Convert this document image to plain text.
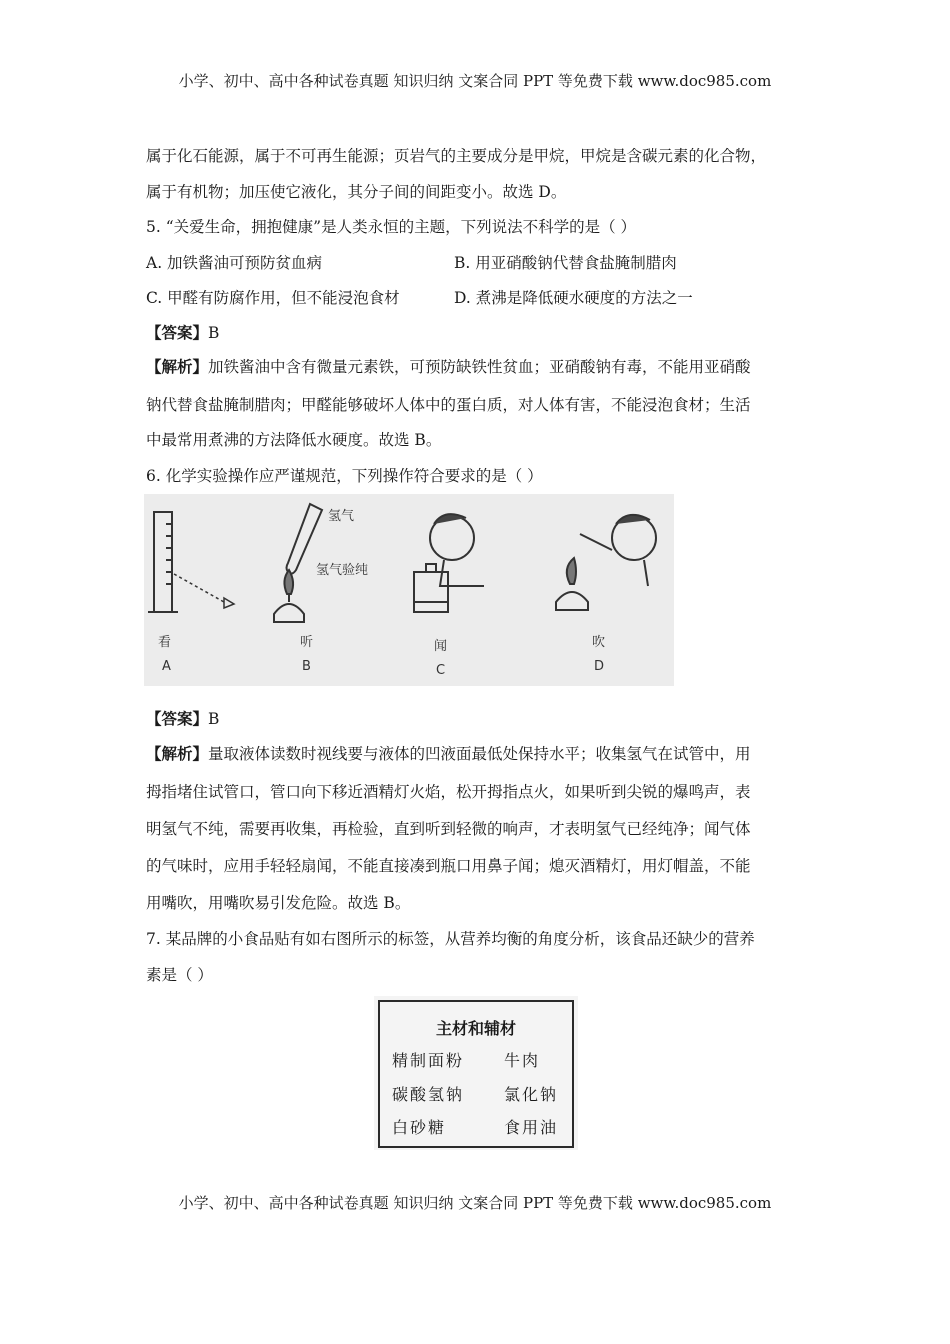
小学、初中、高中各种试卷真题 知识归纳 文案合同 PPT 等免费下载 www.doc985.com
属于化石能源，属于不可再生能源；页岩气的主要成分是甲烷，甲烷是含碳元素的化合物，
属于有机物；加压使它液化，其分子间的间距变小。故选 D。
5. “关爱生命，拥抱健康”是人类永恒的主题，下列说法不科学的是（ ）
A. 加铁酱油可预防贫血病	B. 用亚硝酸钠代替食盐腌制腊肉
C. 甲醛有防腐作用，但不能浸泡食材	D. 煮沸是降低硬水硬度的方法之一
【答案】B
【解析】加铁酱油中含有微量元素铁，可预防缺铁性贫血；亚硝酸钠有毒，不能用亚硝酸
钠代替食盐腌制腊肉；甲醛能够破坏人体中的蛋白质，对人体有害，不能浸泡食材；生活
中最常用煮沸的方法降低水硬度。故选 B。
6. 化学实验操作应严谨规范，下列操作符合要求的是（ ）
氢气
氢气验纯
看
A
听
B
闻
C
吹
D
【答案】B
【解析】量取液体读数时视线要与液体的凹液面最低处保持水平；收集氢气在试管中，用
拇指堵住试管口，管口向下移近酒精灯火焰，松开拇指点火，如果听到尖锐的爆鸣声，表
明氢气不纯，需要再收集，再检验，直到听到轻微的响声，才表明氢气已经纯净；闻气体
的气味时，应用手轻轻扇闻，不能直接凑到瓶口用鼻子闻；熄灭酒精灯，用灯帽盖，不能
用嘴吹，用嘴吹易引发危险。故选 B。
7. 某品牌的小食品贴有如右图所示的标签，从营养均衡的角度分析，该食品还缺少的营养
素是（ ）
主材和辅材
精制面粉 牛肉
碳酸氢钠 氯化钠
白砂糖	食用油
小学、初中、高中各种试卷真题 知识归纳 文案合同 PPT 等免费下载 www.doc985.com
